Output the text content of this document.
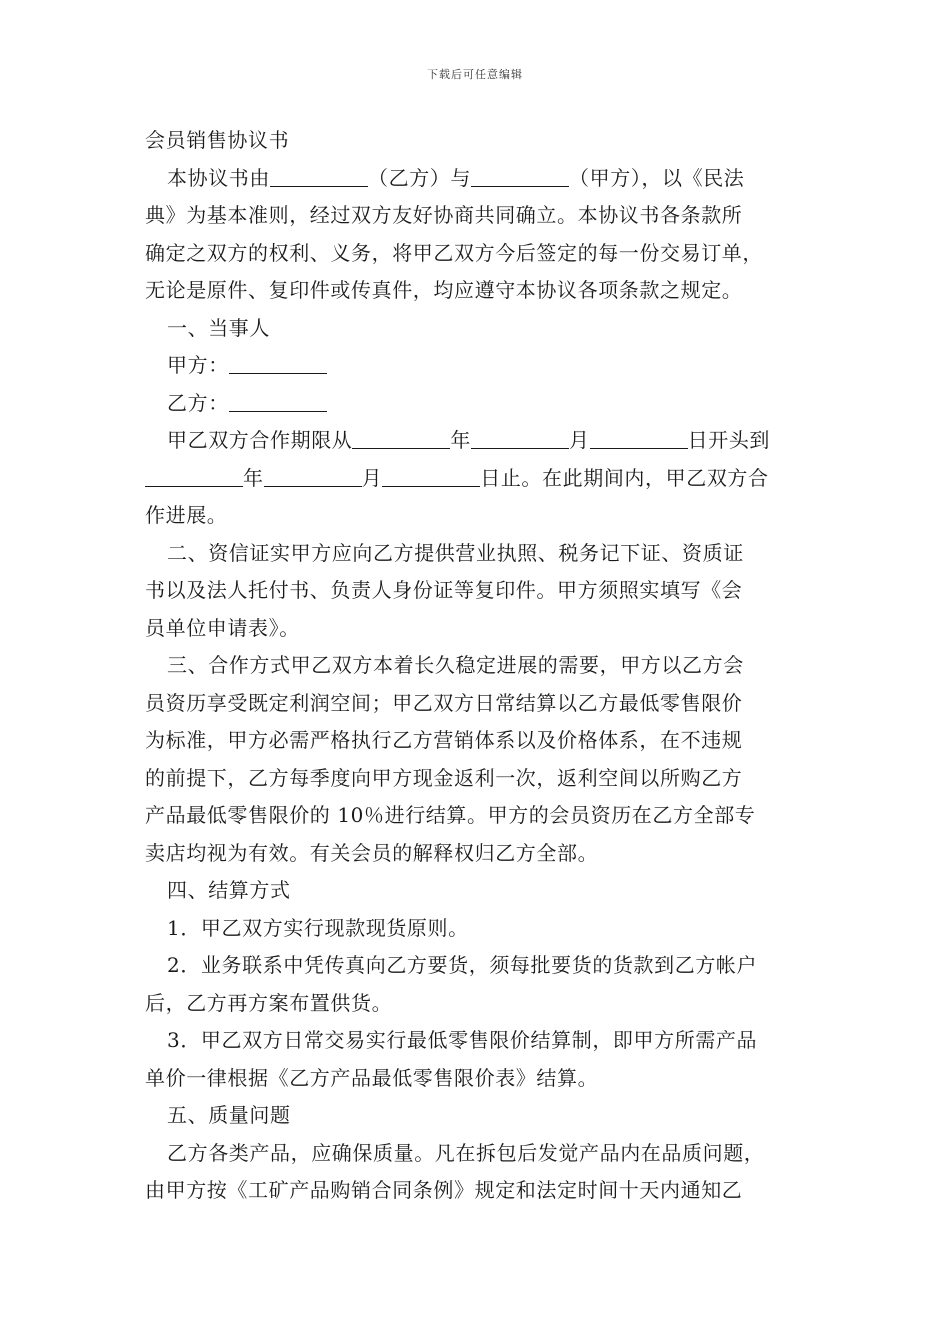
下载后可任意编辑
会员销售协议书
本协议书由	（乙方）与	（甲方），以《民法
典》为基本准则，经过双方友好协商共同确立。本协议书各条款所
确定之双方的权利、义务，将甲乙双方今后签定的每一份交易订单，
无论是原件、复印件或传真件，均应遵守本协议各项条款之规定。
一、当事人
甲方：
乙方：
甲乙双方合作期限从	年	月	日开头到
年	月	日止。在此期间内，甲乙双方合
作进展。
二、资信证实甲方应向乙方提供营业执照、税务记下证、资质证
书以及法人托付书、负责人身份证等复印件。甲方须照实填写《会
员单位申请表》。
三、合作方式甲乙双方本着长久稳定进展的需要，甲方以乙方会
员资历享受既定利润空间；甲乙双方日常结算以乙方最低零售限价
为标准，甲方必需严格执行乙方营销体系以及价格体系，在不违规
的前提下，乙方每季度向甲方现金返利一次，返利空间以所购乙方
产品最低零售限价的 10％进行结算。甲方的会员资历在乙方全部专
卖店均视为有效。有关会员的解释权归乙方全部。
四、结算方式
1．甲乙双方实行现款现货原则。
2．业务联系中凭传真向乙方要货，须每批要货的货款到乙方帐户
后，乙方再方案布置供货。
3．甲乙双方日常交易实行最低零售限价结算制，即甲方所需产品
单价一律根据《乙方产品最低零售限价表》结算。
五、质量问题
乙方各类产品，应确保质量。凡在拆包后发觉产品内在品质问题，
由甲方按《工矿产品购销合同条例》规定和法定时间十天内通知乙
